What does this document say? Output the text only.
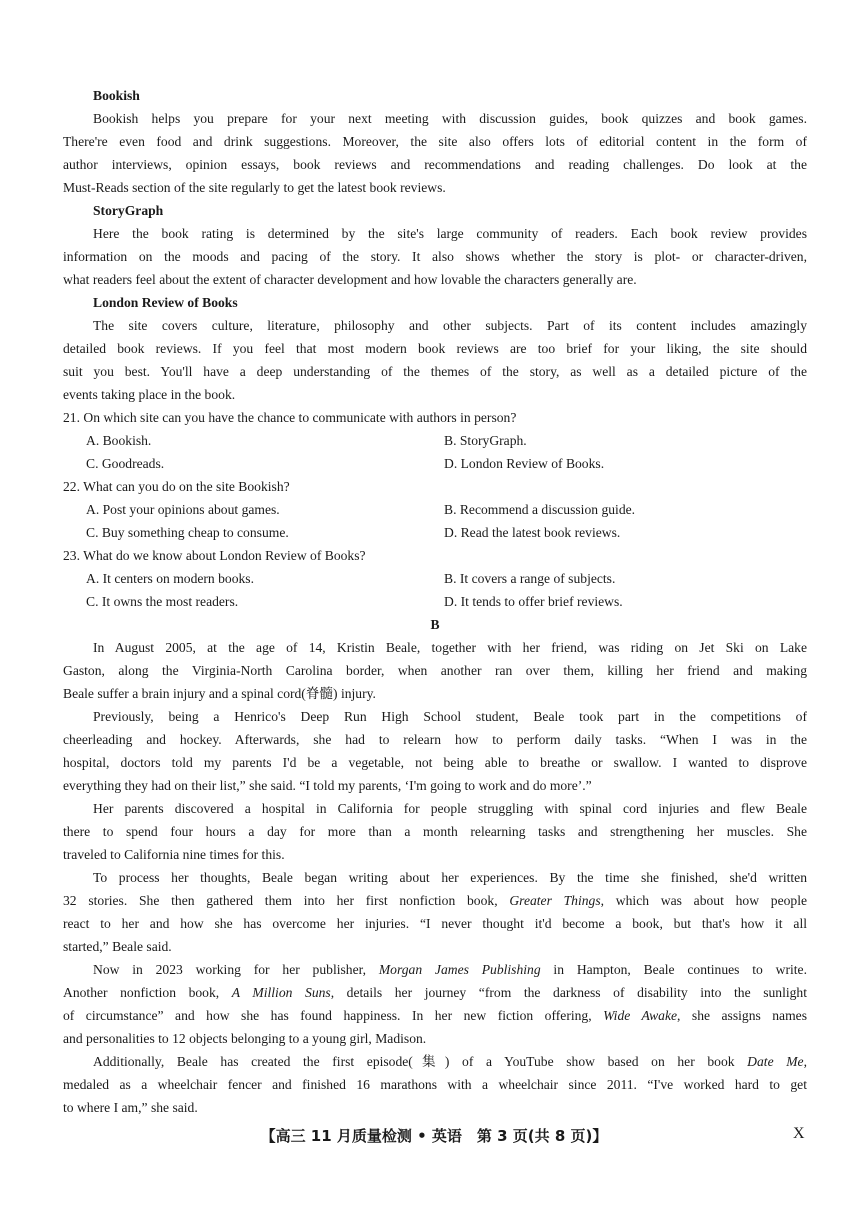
Bookish
Bookish helps you prepare for your next meeting with discussion guides, book quizzes and book games.
There're even food and drink suggestions. Moreover, the site also offers lots of editorial content in the form of
author interviews, opinion essays, book reviews and recommendations and reading challenges. Do look at the
Must-Reads section of the site regularly to get the latest book reviews.
StoryGraph
Here the book rating is determined by the site's large community of readers. Each book review provides
information on the moods and pacing of the story. It also shows whether the story is plot- or character-driven,
what readers feel about the extent of character development and how lovable the characters generally are.
London Review of Books
The site covers culture, literature, philosophy and other subjects. Part of its content includes amazingly
detailed book reviews. If you feel that most modern book reviews are too brief for your liking, the site should
suit you best. You'll have a deep understanding of the themes of the story, as well as a detailed picture of the
events taking place in the book.
21. On which site can you have the chance to communicate with authors in person?
A. Bookish.	B. StoryGraph.
C. Goodreads.	D. London Review of Books.
22. What can you do on the site Bookish?
A. Post your opinions about games.	B. Recommend a discussion guide.
C. Buy something cheap to consume.	D. Read the latest book reviews.
23. What do we know about London Review of Books?
A. It centers on modern books.	B. It covers a range of subjects.
C. It owns the most readers.	D. It tends to offer brief reviews.
B
In August 2005, at the age of 14, Kristin Beale, together with her friend, was riding on Jet Ski on Lake
Gaston, along the Virginia-North Carolina border, when another ran over them, killing her friend and making
Beale suffer a brain injury and a spinal cord(脊髓) injury.
Previously, being a Henrico's Deep Run High School student, Beale took part in the competitions of
cheerleading and hockey. Afterwards, she had to relearn how to perform daily tasks. “When I was in the
hospital, doctors told my parents I'd be a vegetable, not being able to breathe or swallow. I wanted to disprove
everything they had on their list,” she said. “I told my parents, ‘I'm going to work and do more’.”
Her parents discovered a hospital in California for people struggling with spinal cord injuries and flew Beale
there to spend four hours a day for more than a month relearning tasks and strengthening her muscles. She
traveled to California nine times for this.
To process her thoughts, Beale began writing about her experiences. By the time she finished, she'd written
32 stories. She then gathered them into her first nonfiction book, Greater Things, which was about how people
react to her and how she has overcome her injuries. “I never thought it'd become a book, but that's how it all
started,” Beale said.
Now in 2023 working for her publisher, Morgan James Publishing in Hampton, Beale continues to write.
Another nonfiction book, A Million Suns, details her journey “from the darkness of disability into the sunlight
of circumstance” and how she has found happiness. In her new fiction offering, Wide Awake, she assigns names
and personalities to 12 objects belonging to a young girl, Madison.
Additionally, Beale has created the first episode(集) of a YouTube show based on her book Date Me,
medaled as a wheelchair fencer and finished 16 marathons with a wheelchair since 2011. “I've worked hard to get
to where I am,” she said.
【高三 11 月质量检测 • 英语　第 3 页(共 8 页)】	X
